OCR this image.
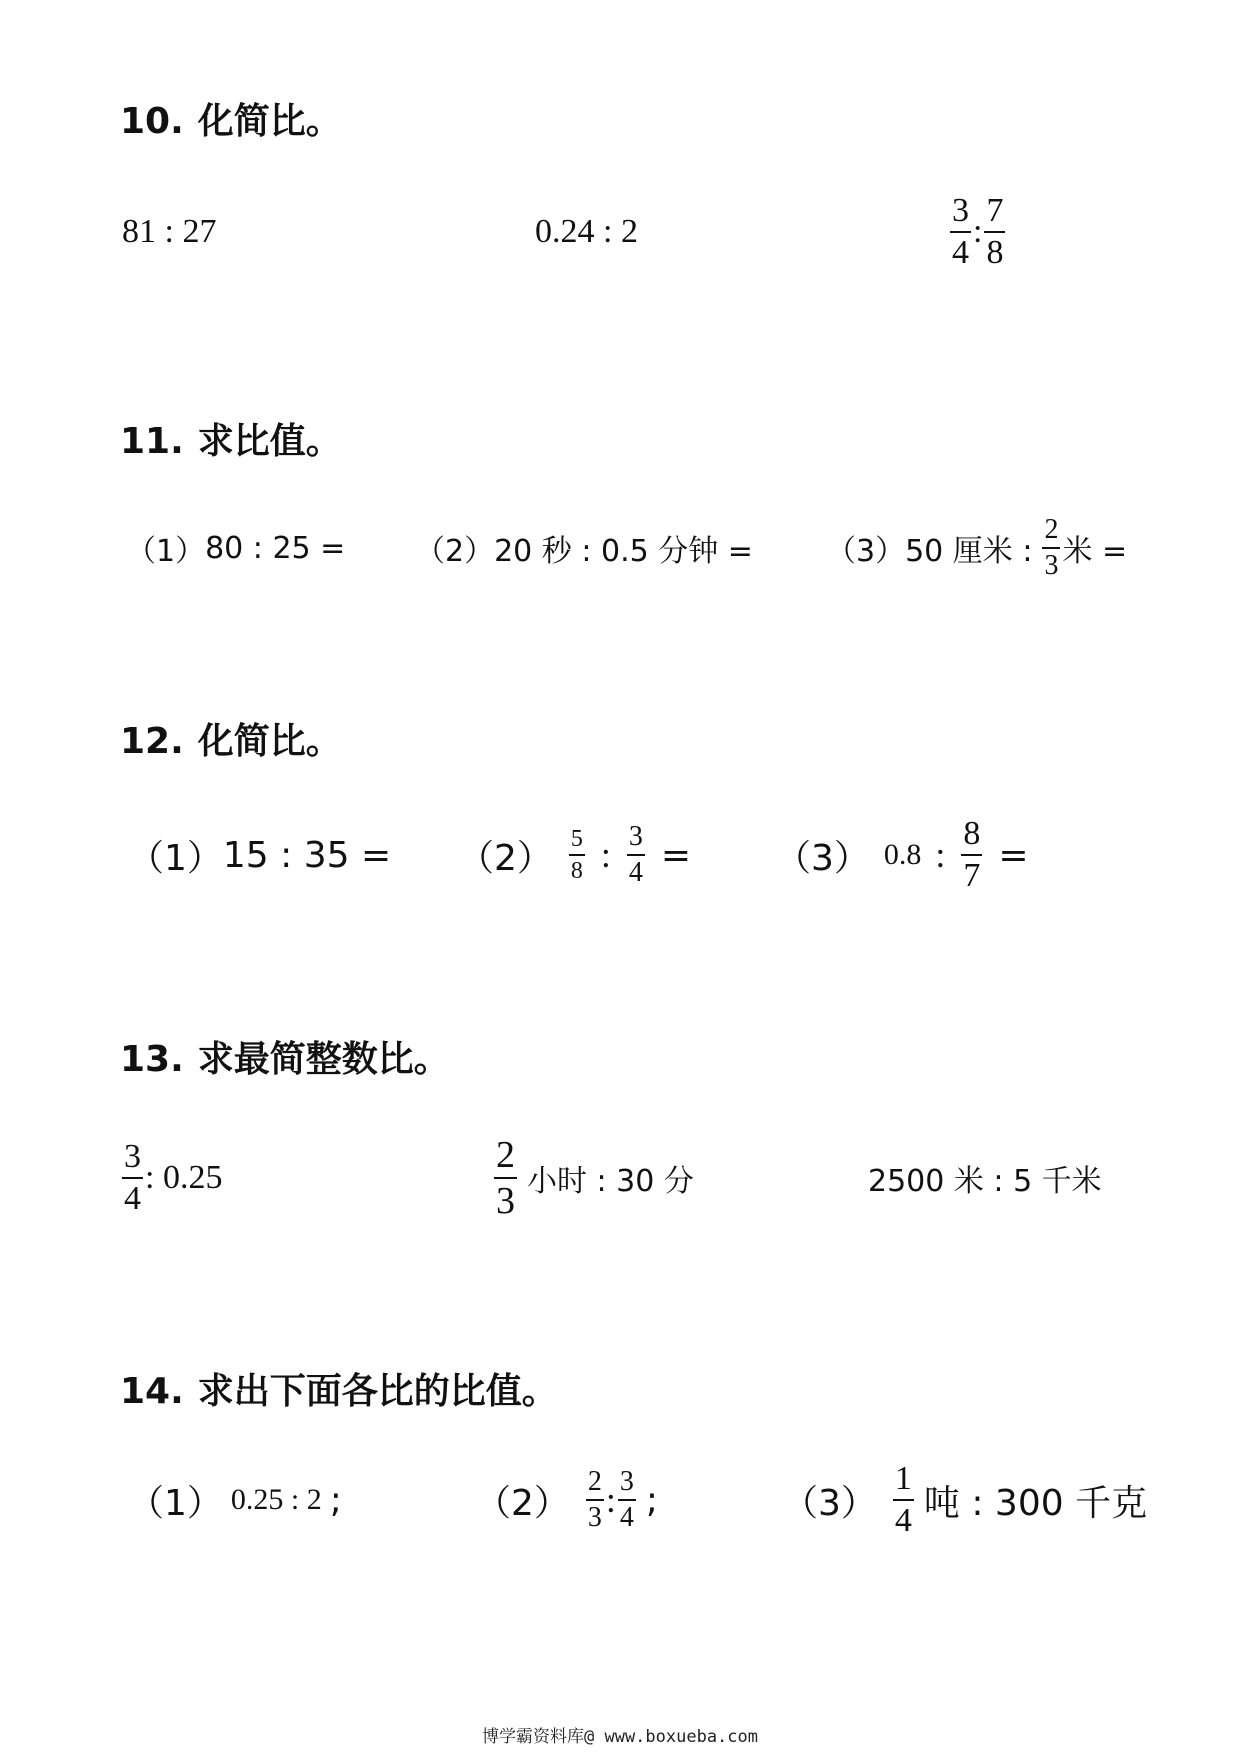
10. 化简比。
81 : 27	0.24 : 2	$\frac{3}{4}$ : $\frac{7}{8}$
11. 求比值。
（1） 80 : 25 = （2） 20 秒 : 0.5 分钟 = （3） 50 厘米 : $\frac{2}{3}$ 米 =
12. 化简比。
（1） 15 : $35 = (2) \frac{5}{8}$ : $\frac{3}{4} = (3)$ 0.8 : $\frac{8}{7}$ =
13. 求最简整数比。
$\frac{3}{4}$ : 0.25	$\frac{2}{3}$ 小时 : 30 分	2500 米 : 5 千米
14. 求出下面各比的比值。
（1） 0.25 : 2 ;	$(2) \frac{2}{3}$ : $\frac{3}{4}$ ;	$(3) \frac{1}{4}$ 吨 : 300 千克
博学霸资料库@ www.boxueba.com
